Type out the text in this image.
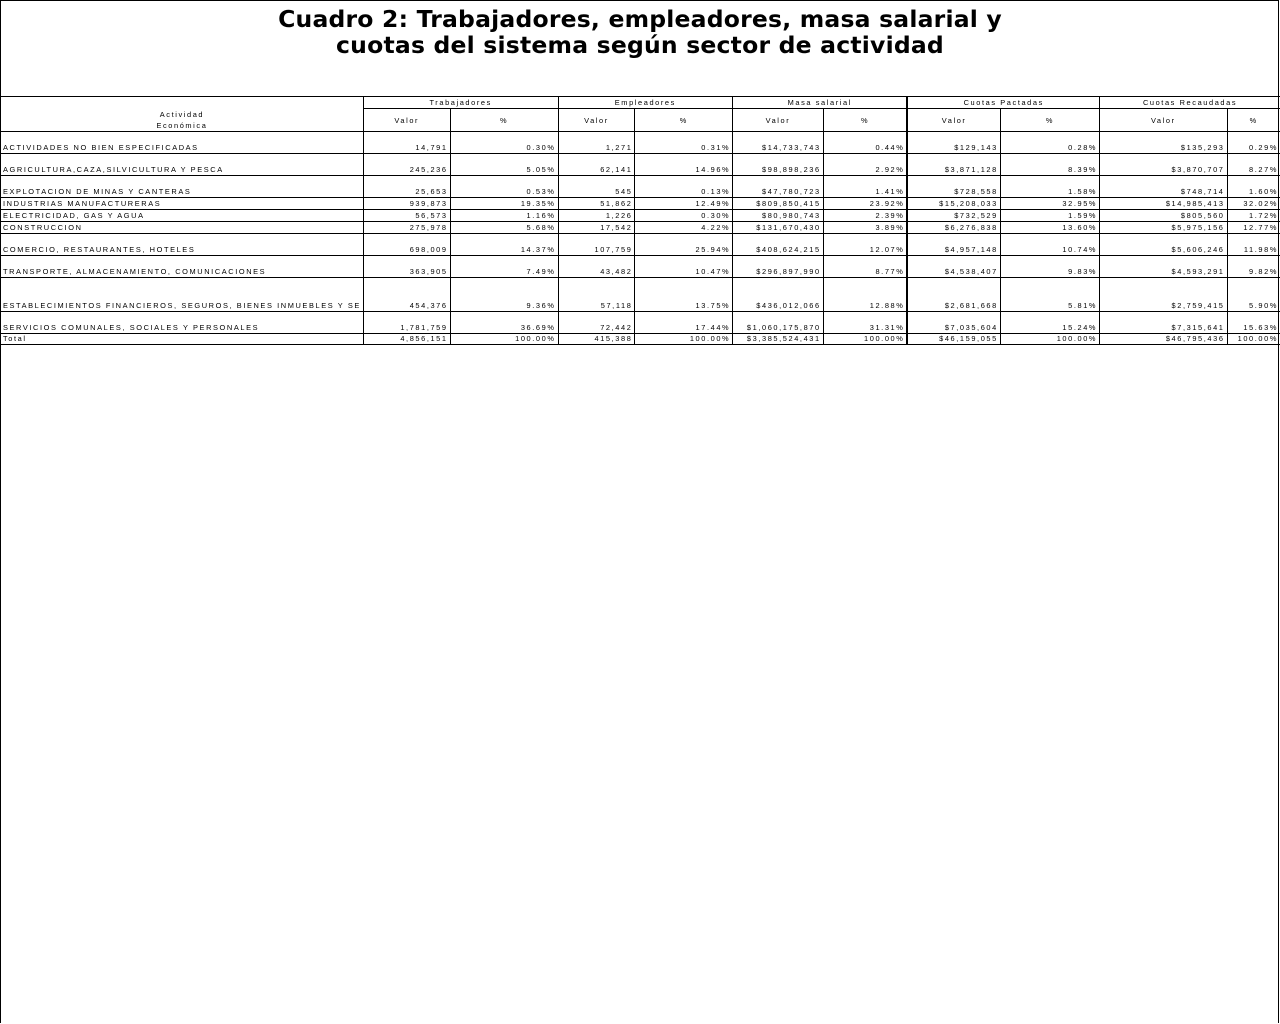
Cuadro 2: Trabajadores, empleadores, masa salarial y
cuotas del sistema según sector de actividad
Actividad
Económica	Trabajadores		Empleadores		Masa salarial		Cuotas Pactadas		Cuotas Recaudadas	
	Valor	%	Valor	%	Valor	%	Valor	%	Valor	%
ACTIVIDADES NO BIEN ESPECIFICADAS	14,791	0.30%	1,271	0.31%	$14,733,743	0.44%	$129,143	0.28%	$135,293	0.29%
AGRICULTURA,CAZA,SILVICULTURA Y PESCA	245,236	5.05%	62,141	14.96%	$98,898,236	2.92%	$3,871,128	8.39%	$3,870,707	8.27%
EXPLOTACION DE MINAS Y CANTERAS	25,653	0.53%	545	0.13%	$47,780,723	1.41%	$728,558	1.58%	$748,714	1.60%
INDUSTRIAS MANUFACTURERAS	939,873	19.35%	51,862	12.49%	$809,850,415	23.92%	$15,208,033	32.95%	$14,985,413	32.02%
ELECTRICIDAD, GAS Y AGUA	56,573	1.16%	1,226	0.30%	$80,980,743	2.39%	$732,529	1.59%	$805,560	1.72%
CONSTRUCCION	275,978	5.68%	17,542	4.22%	$131,670,430	3.89%	$6,276,838	13.60%	$5,975,156	12.77%
COMERCIO, RESTAURANTES, HOTELES	698,009	14.37%	107,759	25.94%	$408,624,215	12.07%	$4,957,148	10.74%	$5,606,246	11.98%
TRANSPORTE, ALMACENAMIENTO, COMUNICACIONES	363,905	7.49%	43,482	10.47%	$296,897,990	8.77%	$4,538,407	9.83%	$4,593,291	9.82%
ESTABLECIMIENTOS FINANCIEROS, SEGUROS, BIENES INMUEBLES Y SE	454,376	9.36%	57,118	13.75%	$436,012,066	12.88%	$2,681,668	5.81%	$2,759,415	5.90%
SERVICIOS COMUNALES, SOCIALES Y PERSONALES	1,781,759	36.69%	72,442	17.44%	$1,060,175,870	31.31%	$7,035,604	15.24%	$7,315,641	15.63%
Total	4,856,151	100.00%	415,388	100.00%	$3,385,524,431	100.00%	$46,159,055	100.00%	$46,795,436	100.00%
